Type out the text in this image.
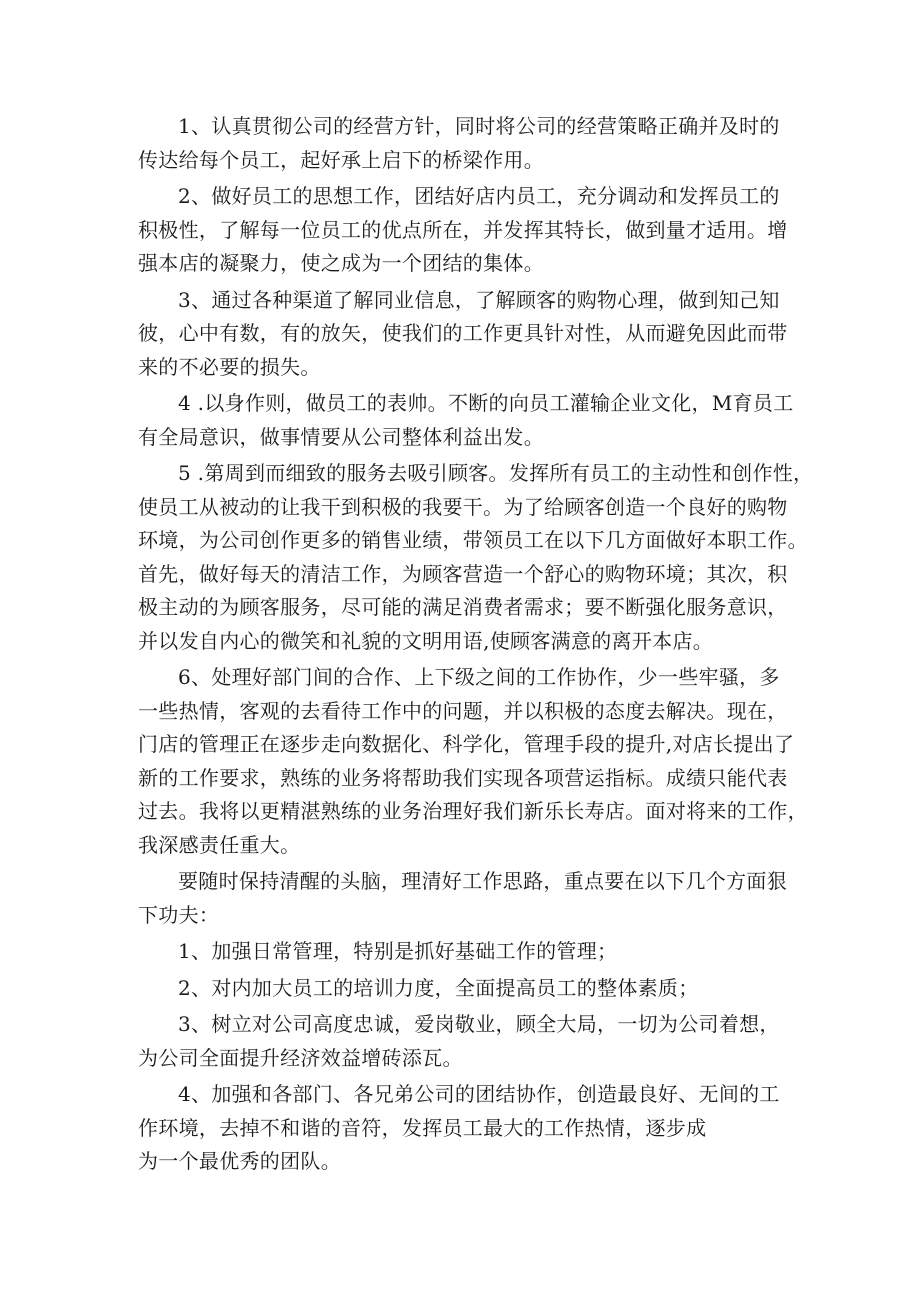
1、认真贯彻公司的经营方针，同时将公司的经营策略正确并及时的
传达给每个员工，起好承上启下的桥梁作用。

2、做好员工的思想工作，团结好店内员工，充分调动和发挥员工的
积极性，了解每一位员工的优点所在，并发挥其特长，做到量才适用。增
强本店的凝聚力，使之成为一个团结的集体。

3、通过各种渠道了解同业信息，了解顾客的购物心理，做到知己知
彼，心中有数，有的放矢，使我们的工作更具针对性，从而避免因此而带
来的不必要的损失。

4 .以身作则，做员工的表帅。不断的向员工灌输企业文化，M育员工
有全局意识，做事情要从公司整体利益出发。

5 .第周到而细致的服务去吸引顾客。发挥所有员工的主动性和创作性，
使员工从被动的让我干到积极的我要干。为了给顾客创造一个良好的购物
环境，为公司创作更多的销售业绩，带领员工在以下几方面做好本职工作。
首先，做好每天的清洁工作，为顾客营造一个舒心的购物环境；其次，积
极主动的为顾客服务，尽可能的满足消费者需求；要不断强化服务意识，
并以发自内心的微笑和礼貌的文明用语,使顾客满意的离开本店。

6、处理好部门间的合作、上下级之间的工作协作，少一些牢骚，多
一些热情，客观的去看待工作中的问题，并以积极的态度去解决。现在，
门店的管理正在逐步走向数据化、科学化，管理手段的提升,对店长提出了
新的工作要求，熟练的业务将帮助我们实现各项营运指标。成绩只能代表
过去。我将以更精湛熟练的业务治理好我们新乐长寿店。面对将来的工作，
我深感责任重大。

要随时保持清醒的头脑，理清好工作思路，重点要在以下几个方面狠
下功夫：

1、加强日常管理，特别是抓好基础工作的管理；

2、对内加大员工的培训力度，全面提高员工的整体素质；

3、树立对公司高度忠诚，爱岗敬业，顾全大局，一切为公司着想，
为公司全面提升经济效益增砖添瓦。

4、加强和各部门、各兄弟公司的团结协作，创造最良好、无间的工
作环境，去掉不和谐的音符，发挥员工最大的工作热情，逐步成
为一个最优秀的团队。
